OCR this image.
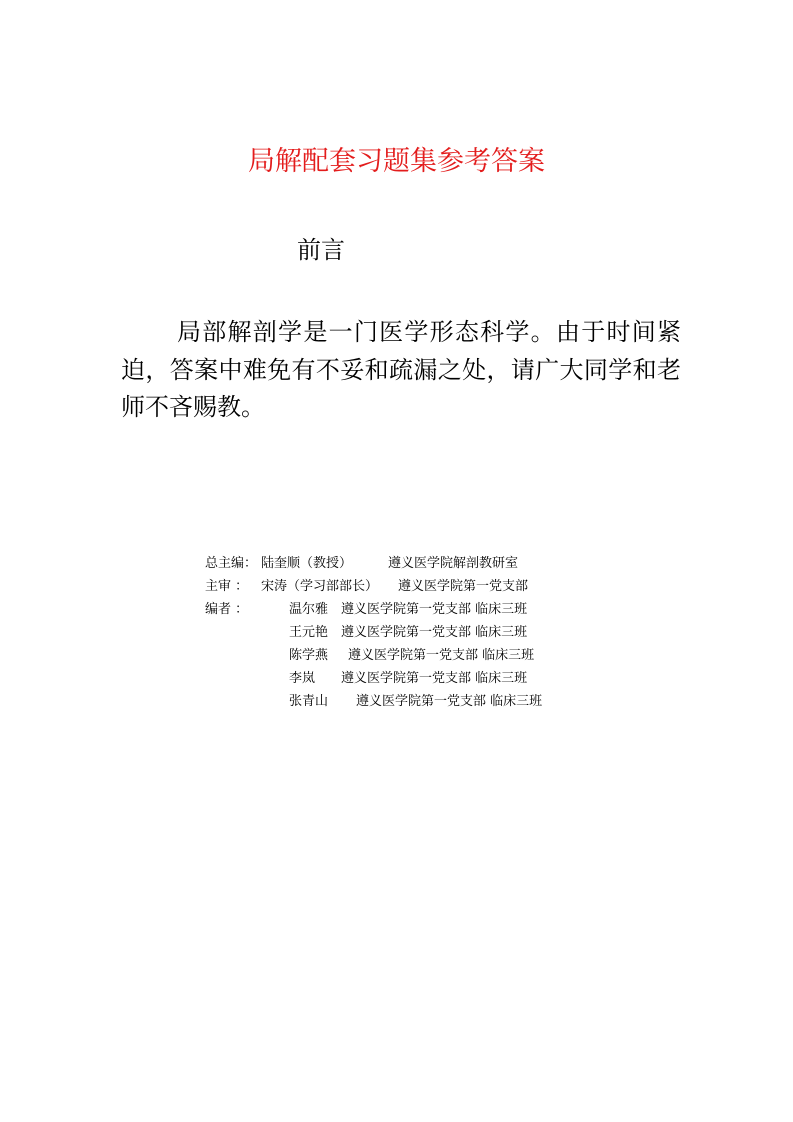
局解配套习题集参考答案
前言

局部解剖学是一门医学形态科学。由于时间紧迫，答案中难免有不妥和疏漏之处，请广大同学和老师不吝赐教。

总主编： 陆奎顺（教授）	遵义医学院解剖教研室
主审 ： 宋涛（学习部部长） 遵义医学院第一党支部
编者 ：	温尔雅 遵义医学院第一党支部 临床三班
王元艳 遵义医学院第一党支部 临床三班
陈学燕 遵义医学院第一党支部 临床三班
李岚 遵义医学院第一党支部 临床三班
张青山 遵义医学院第一党支部 临床三班
